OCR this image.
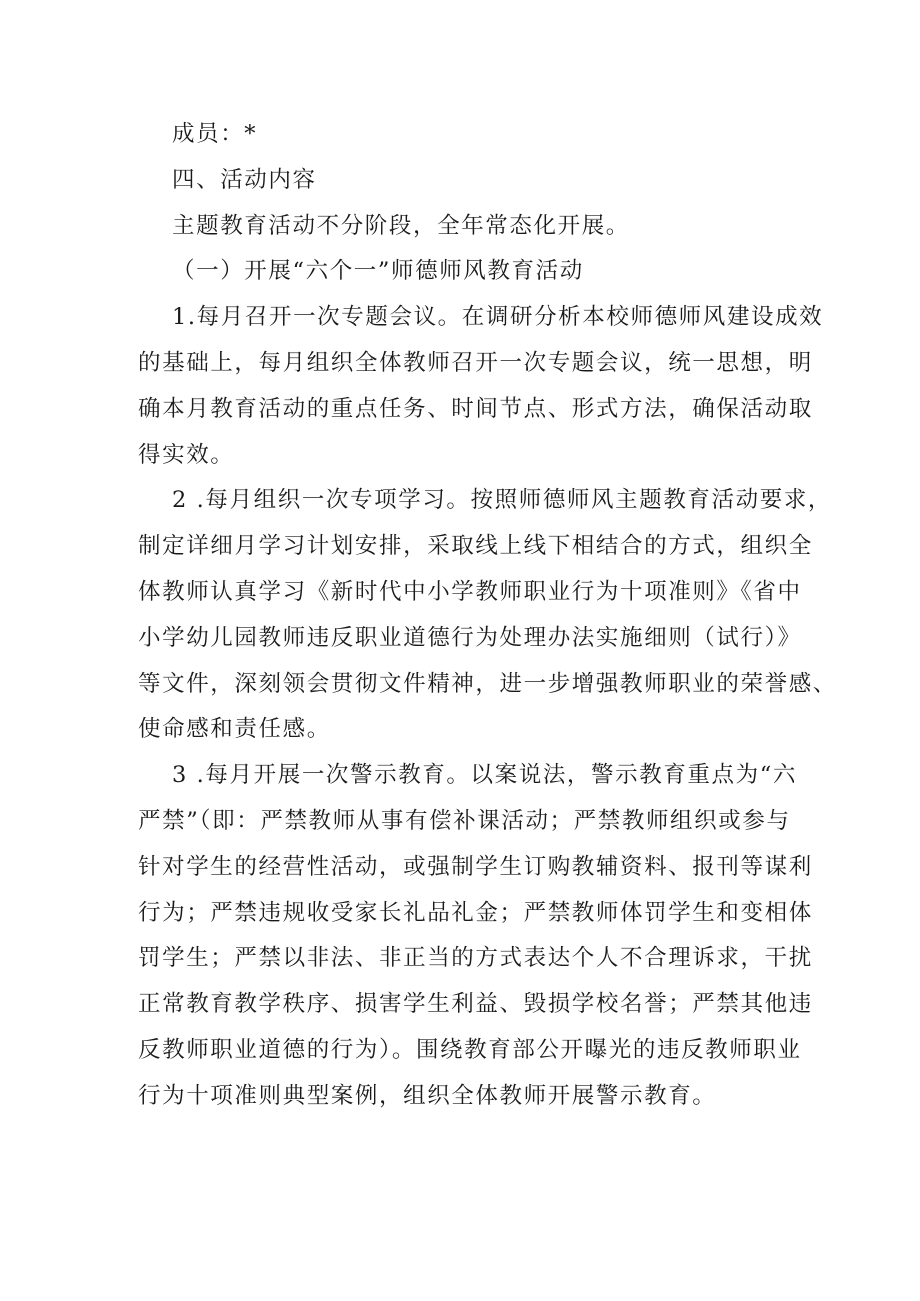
成员：*

四、活动内容

主题教育活动不分阶段，全年常态化开展。

（一）开展“六个一”师德师风教育活动

1.每月召开一次专题会议。在调研分析本校师德师风建设成效

的基础上，每月组织全体教师召开一次专题会议，统一思想，明

确本月教育活动的重点任务、时间节点、形式方法，确保活动取

得实效。

2 .每月组织一次专项学习。按照师德师风主题教育活动要求，

制定详细月学习计划安排，采取线上线下相结合的方式，组织全

体教师认真学习《新时代中小学教师职业行为十项准则》《省中

小学幼儿园教师违反职业道德行为处理办法实施细则（试行）》

等文件，深刻领会贯彻文件精神，进一步增强教师职业的荣誉感、

使命感和责任感。

3 .每月开展一次警示教育。以案说法，警示教育重点为“六

严禁”（即：严禁教师从事有偿补课活动；严禁教师组织或参与

针对学生的经营性活动，或强制学生订购教辅资料、报刊等谋利

行为；严禁违规收受家长礼品礼金；严禁教师体罚学生和变相体

罚学生；严禁以非法、非正当的方式表达个人不合理诉求，干扰

正常教育教学秩序、损害学生利益、毁损学校名誉；严禁其他违

反教师职业道德的行为）。围绕教育部公开曝光的违反教师职业

行为十项准则典型案例，组织全体教师开展警示教育。
